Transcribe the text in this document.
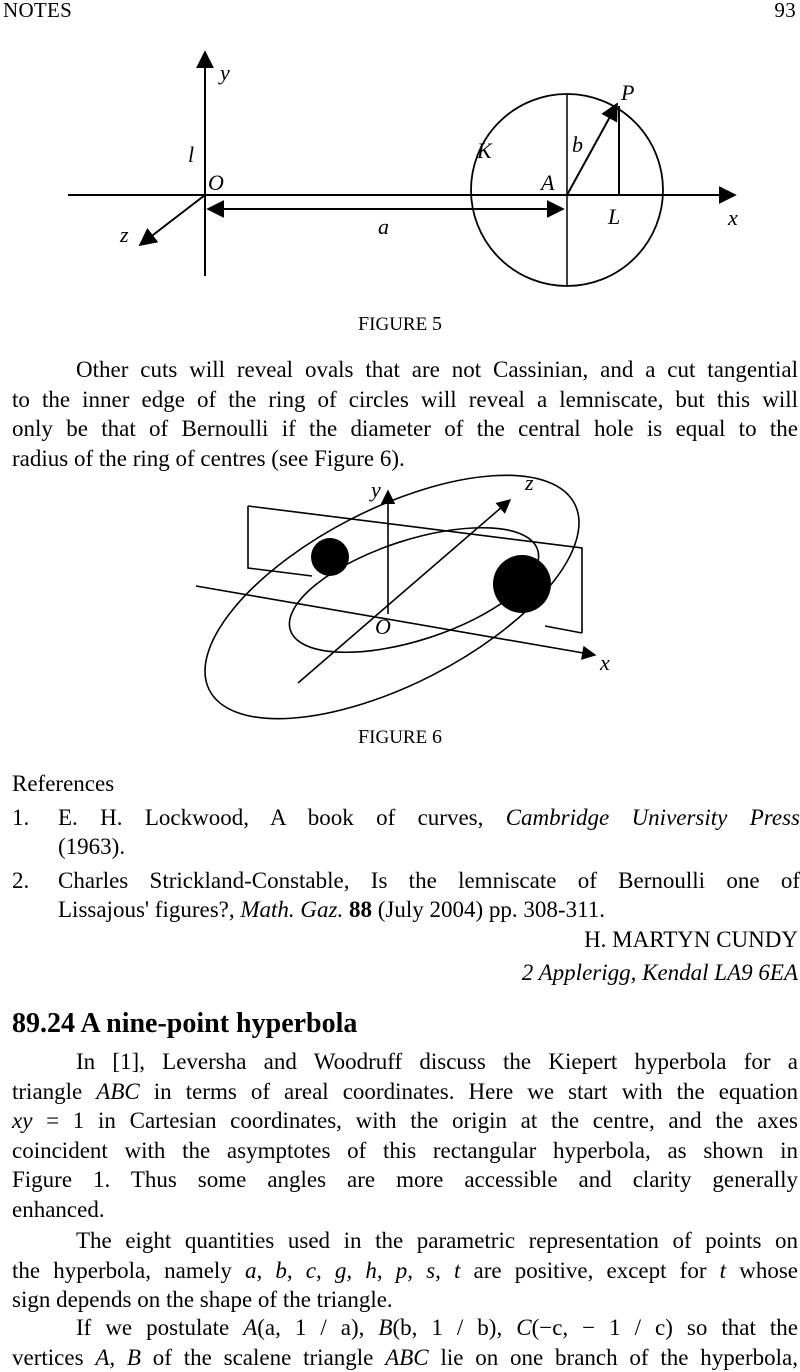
NOTES	93
y
l
O
z	a
K
A
b
P
L	x
FIGURE 5
Other cuts will reveal ovals that are not Cassinian, and a cut tangential
to the inner edge of the ring of circles will reveal a lemniscate, but this will
only be that of Bernoulli if the diameter of the central hole is equal to the
radius of the ring of centres (see Figure 6).
y	z
O
x
FIGURE 6
References
1. E. H. Lockwood, A book of curves, Cambridge University Press
(1963).
2. Charles Strickland-Constable, Is the lemniscate of Bernoulli one of
Lissajous' figures?, Math. Gaz. 88 (July 2004) pp. 308-311.
H. MARTYN CUNDY
2 Applerigg, Kendal LA9 6EA
89.24 A nine-point hyperbola
In [1], Leversha and Woodruff discuss the Kiepert hyperbola for a
triangle ABC in terms of areal coordinates. Here we start with the equation
xy = 1 in Cartesian coordinates, with the origin at the centre, and the axes
coincident with the asymptotes of this rectangular hyperbola, as shown in
Figure 1. Thus some angles are more accessible and clarity generally
enhanced.
The eight quantities used in the parametric representation of points on
the hyperbola, namely a, b, c, g, h, p, s, t are positive, except for t whose
sign depends on the shape of the triangle.
If we postulate A(a, 1 / a), B(b, 1 / b), C(−c, − 1 / c) so that the
vertices A, B of the scalene triangle ABC lie on one branch of the hyperbola,
